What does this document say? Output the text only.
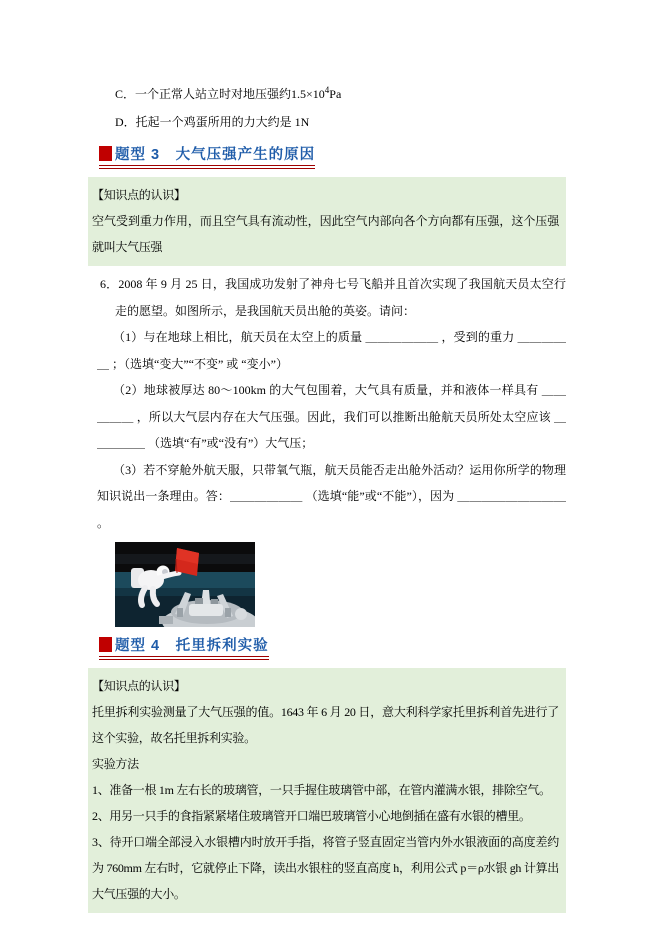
C．一个正常人站立时对地压强约$1.5\times 10^4Pa$
D．托起一个鸡蛋所用的力大约是 1N
题型 3　大气压强产生的原因

【知识点的认识】

空气受到重力作用，而且空气具有流动性，因此空气内部向各个方向都有压强，这个压强就叫大气压强

6．2008 年 9 月 25 日，我国成功发射了神舟七号飞船并且首次实现了我国航天员太空行走的愿望。如图所示，是我国航天员出舱的英姿。请问：

（1）与在地球上相比，航天员在太空上的质量 ＿＿＿＿＿＿ ，受到的重力 ＿＿＿＿＿ ；（选填“变大”“不变” 或 “变小”）

（2）地球被厚达 80～100km 的大气包围着，大气具有质量，并和液体一样具有 ＿＿＿＿＿ ，所以大气层内存在大气压强。因此，我们可以推断出舱航天员所处太空应该 ＿＿＿＿＿ （选填“有”或“没有”）大气压；

（3）若不穿舱外航天服，只带氧气瓶，航天员能否走出舱外活动？运用你所学的物理知识说出一条理由。答：＿＿＿＿＿＿ （选填“能”或“不能”），因为 ＿＿＿＿＿＿＿＿＿ 。

题型 4　托里拆利实验

【知识点的认识】

托里拆利实验测量了大气压强的值。1643 年 6 月 20 日，意大利科学家托里拆利首先进行了这个实验，故名托里拆利实验。

实验方法

1、准备一根 1m 左右长的玻璃管，一只手握住玻璃管中部，在管内灌满水银，排除空气。

2、用另一只手的食指紧紧堵住玻璃管开口端巴玻璃管小心地倒插在盛有水银的槽里。

3、待开口端全部浸入水银槽内时放开手指，将管子竖直固定当管内外水银液面的高度差约为 760mm 左右时，它就停止下降，读出水银柱的竖直高度 h，利用公式 p＝ρ水银 gh 计算出大气压强的大小。
